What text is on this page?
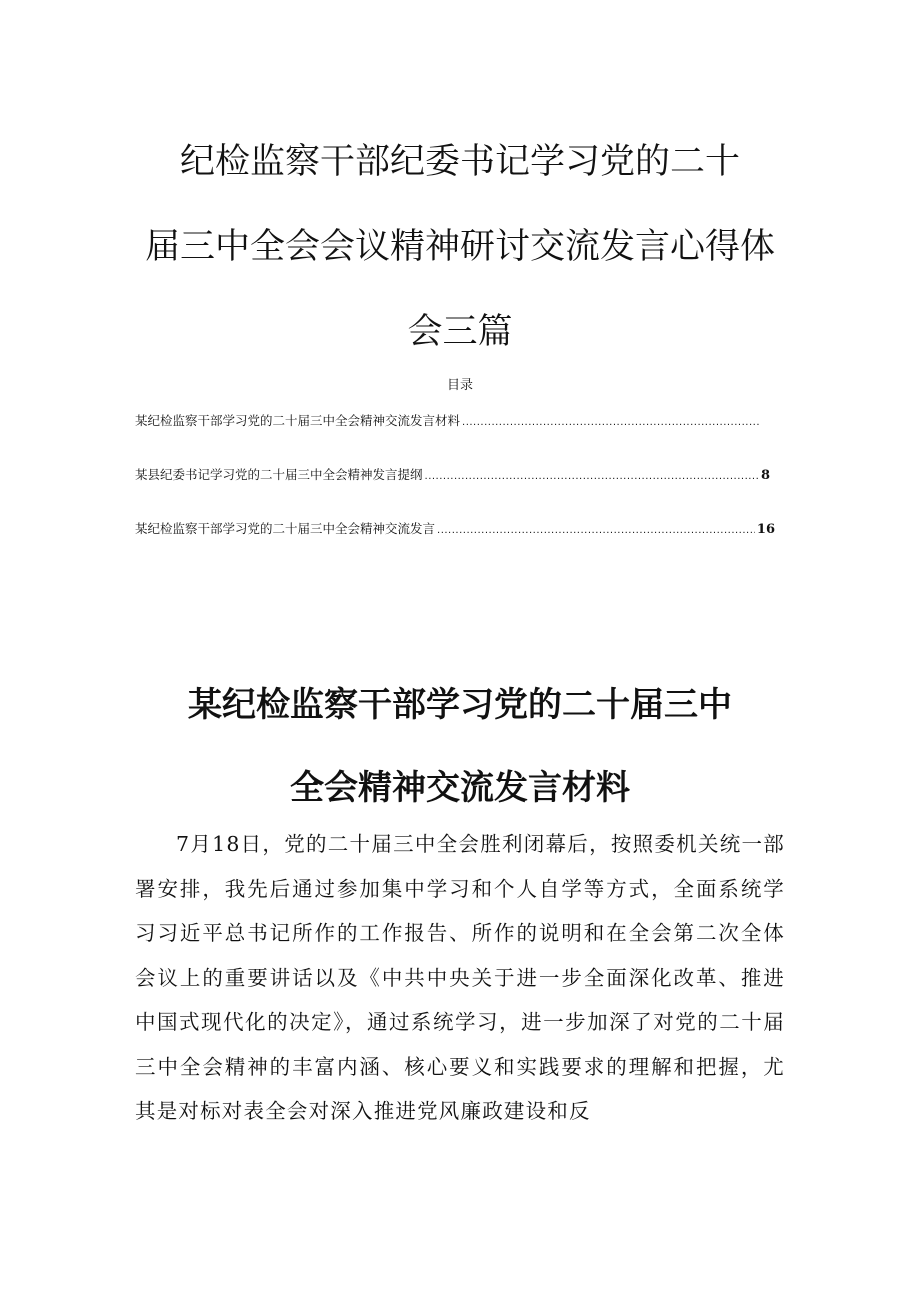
纪检监察干部纪委书记学习党的二十
届三中全会会议精神研讨交流发言心得体
会三篇
目录
某纪检监察干部学习党的二十届三中全会精神交流发言材料
.....
某县纪委书记学习党的二十届三中全会精神发言提纲 .....	8
某纪检监察干部学习党的二十届三中全会精神交流发言 .....	16
某纪检监察干部学习党的二十届三中
全会精神交流发言材料

7月18日，党的二十届三中全会胜利闭幕后，按照委机关统一部署安排，我先后通过参加集中学习和个人自学等方式，全面系统学习习近平总书记所作的工作报告、所作的说明和在全会第二次全体会议上的重要讲话以及《中共中央关于进一步全面深化改革、推进中国式现代化的决定》，通过系统学习，进一步加深了对党的二十届三中全会精神的丰富内涵、核心要义和实践要求的理解和把握，尤其是对标对表全会对深入推进党风廉政建设和反
